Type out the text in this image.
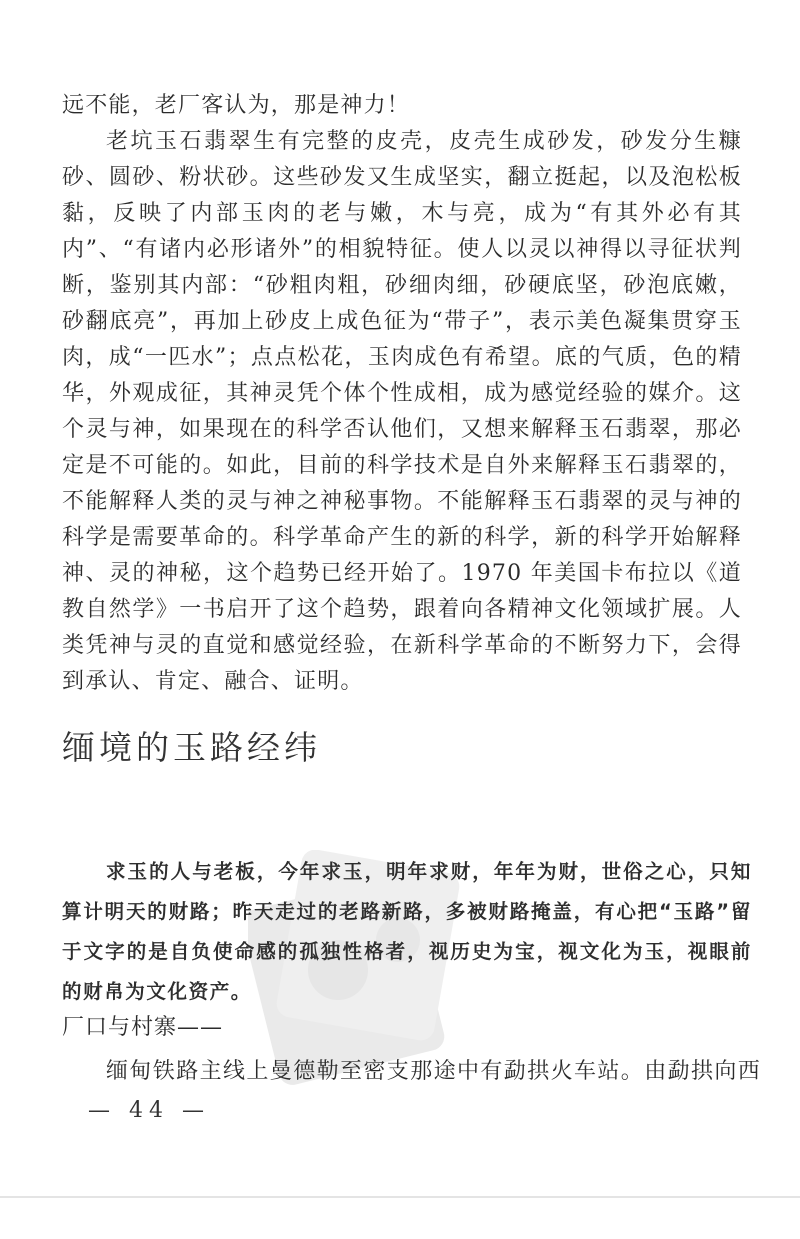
远不能，老厂客认为，那是神力！

老坑玉石翡翠生有完整的皮壳，皮壳生成砂发，砂发分生糠砂、圆砂、粉状砂。这些砂发又生成坚实，翻立挺起，以及泡松板黏，反映了内部玉肉的老与嫩，木与亮，成为“有其外必有其内”、“有诸内必形诸外”的相貌特征。使人以灵以神得以寻征状判断，鉴别其内部：“砂粗肉粗，砂细肉细，砂硬底坚，砂泡底嫩，砂翻底亮”，再加上砂皮上成色征为“带子”，表示美色凝集贯穿玉肉，成“一匹水”；点点松花，玉肉成色有希望。底的气质，色的精华，外观成征，其神灵凭个体个性成相，成为感觉经验的媒介。这个灵与神，如果现在的科学否认他们，又想来解释玉石翡翠，那必定是不可能的。如此，目前的科学技术是自外来解释玉石翡翠的，不能解释人类的灵与神之神秘事物。不能解释玉石翡翠的灵与神的科学是需要革命的。科学革命产生的新的科学，新的科学开始解释神、灵的神秘，这个趋势已经开始了。1970 年美国卡布拉以《道教自然学》一书启开了这个趋势，跟着向各精神文化领域扩展。人类凭神与灵的直觉和感觉经验，在新科学革命的不断努力下，会得到承认、肯定、融合、证明。

缅境的玉路经纬

求玉的人与老板，今年求玉，明年求财，年年为财，世俗之心，只知算计明天的财路；昨天走过的老路新路，多被财路掩盖，有心把“玉路”留于文字的是自负使命感的孤独性格者，视历史为宝，视文化为玉，视眼前的财帛为文化资产。

厂口与村寨——

缅甸铁路主线上曼德勒至密支那途中有勐拱火车站。由勐拱向西

— 44 —
